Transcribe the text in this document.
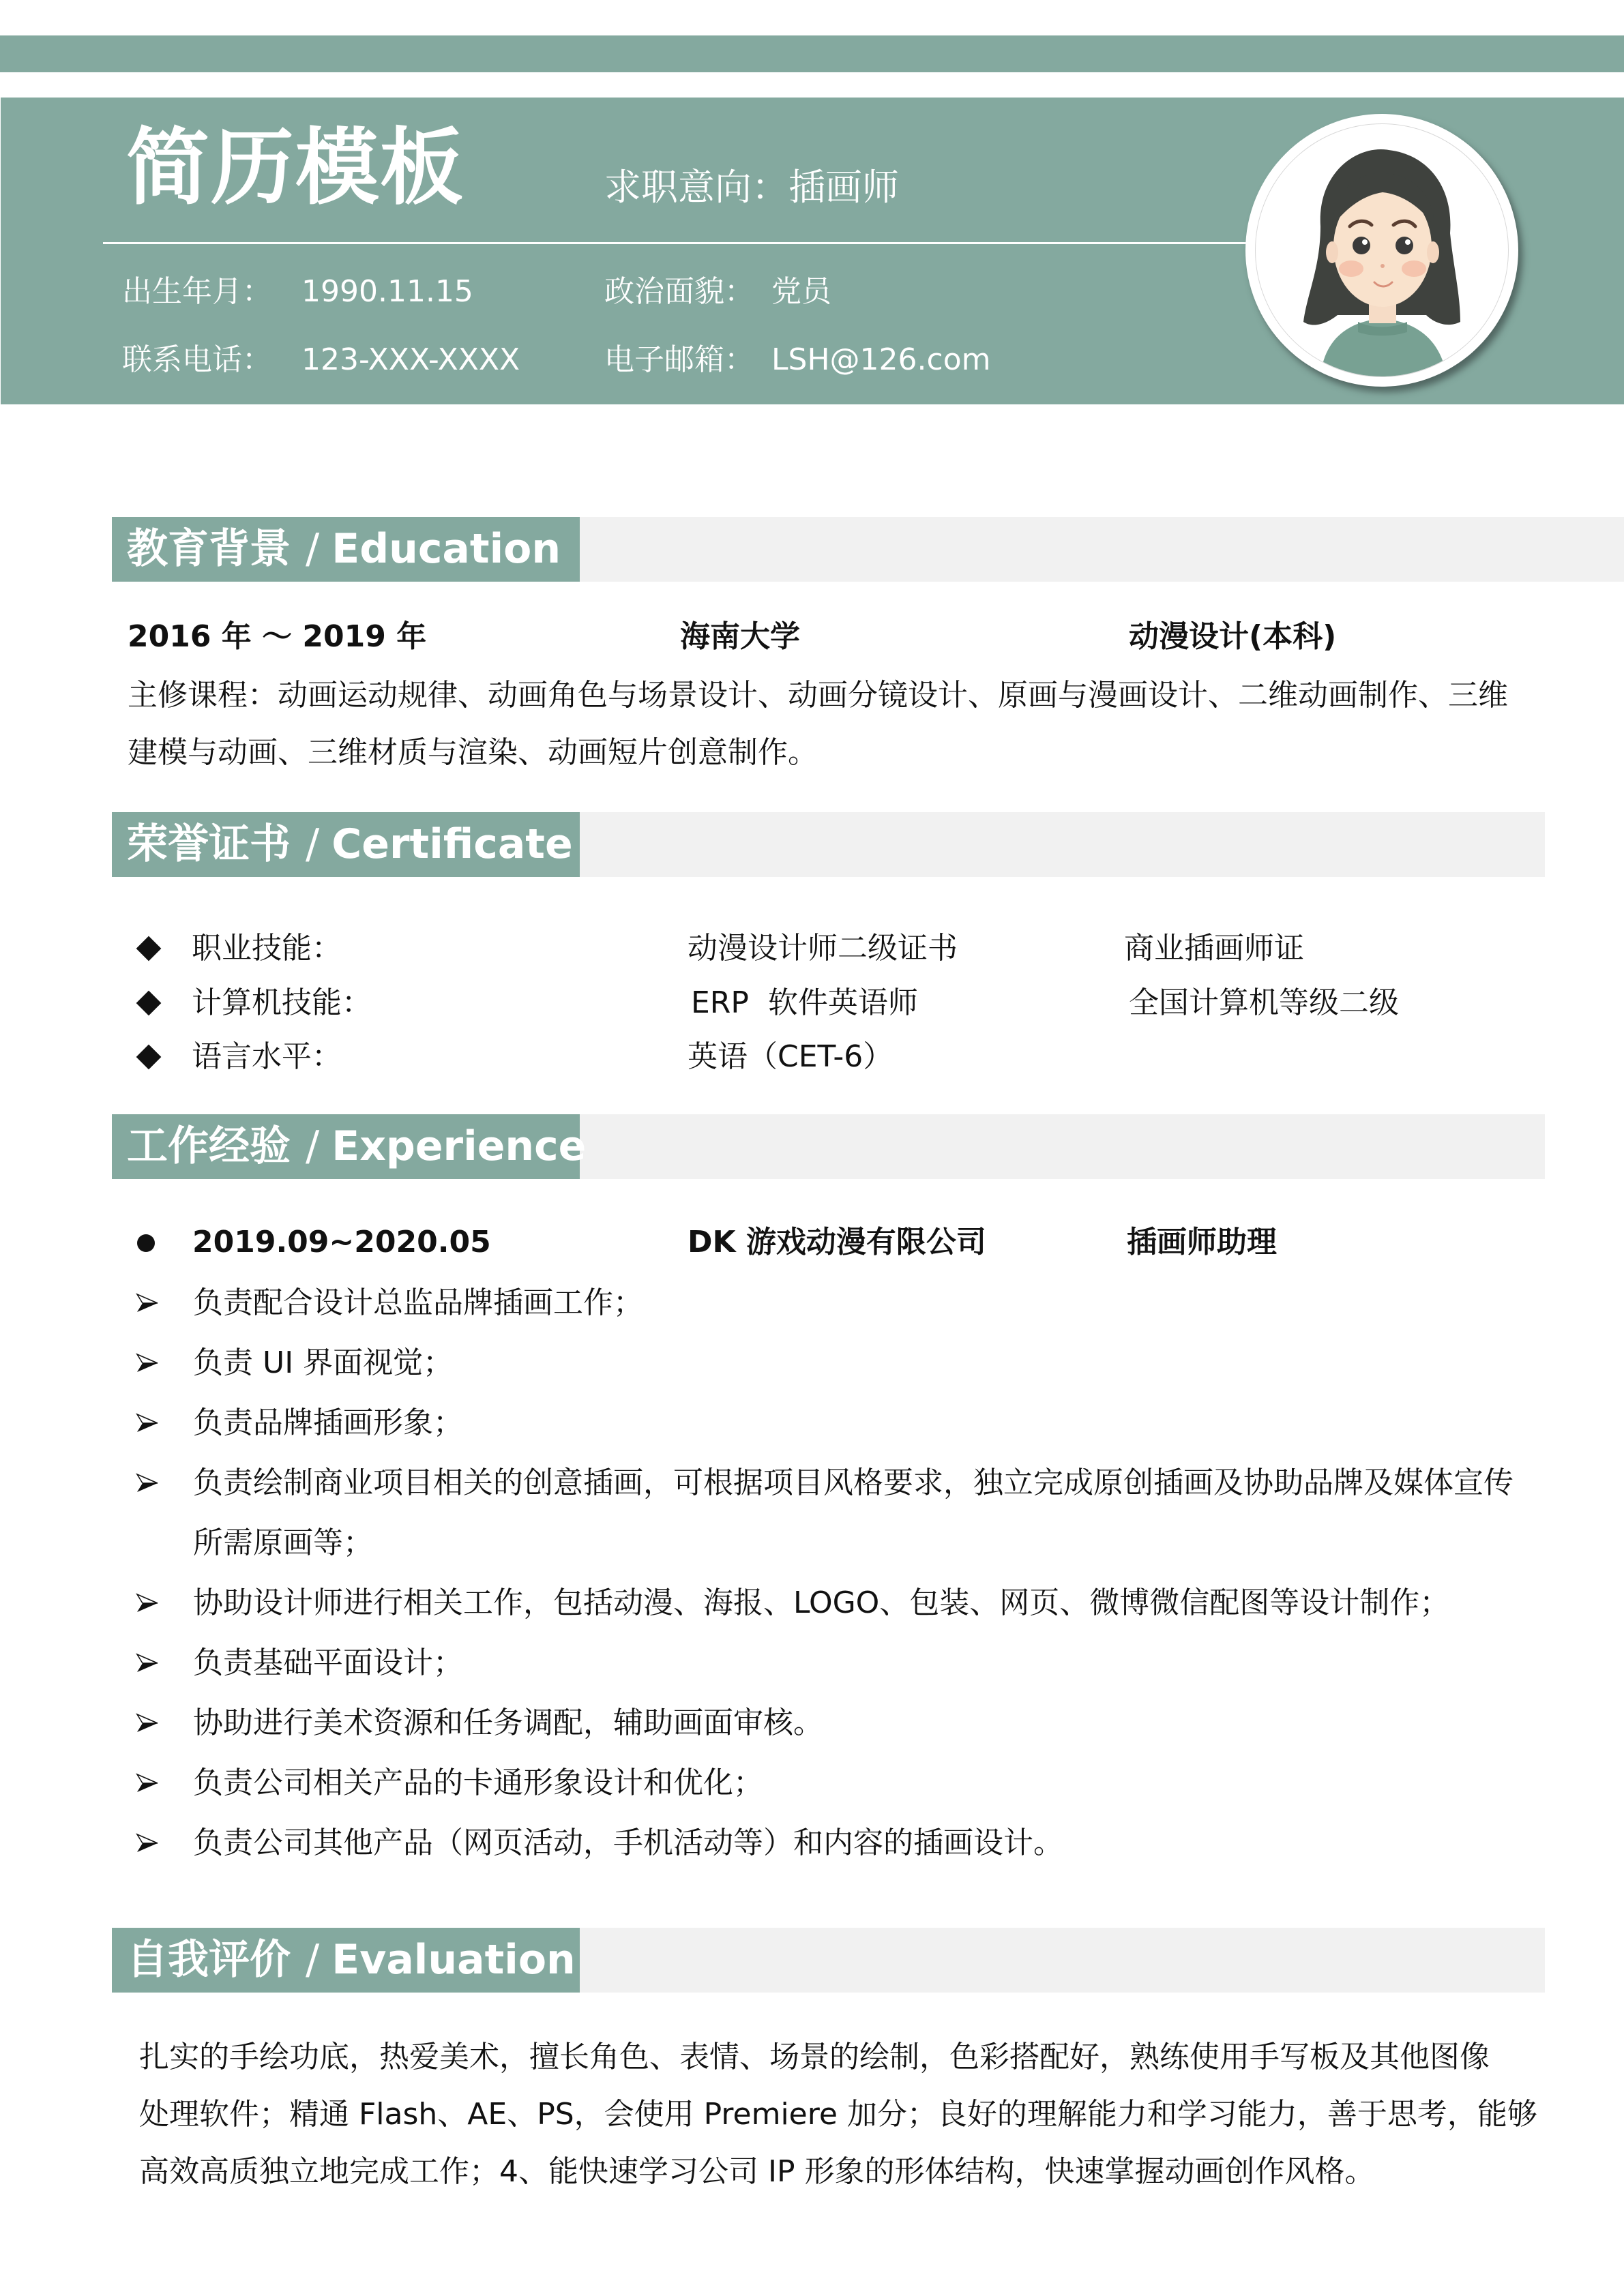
简历模板	求职意向：插画师
出生年月： 1990.11.15	政治面貌： 党员
联系电话： 123-XXX-XXXX	电子邮箱： LSH@126.com
教育背景 / Education
2016 年 ～ 2019 年	海南大学	动漫设计(本科)
主修课程：动画运动规律、动画角色与场景设计、动画分镜设计、原画与漫画设计、二维动画制作、三维
建模与动画、三维材质与渲染、动画短片创意制作。
荣誉证书 / Certificate
职业技能：	动漫设计师二级证书	商业插画师证
计算机技能：	ERP  软件英语师	全国计算机等级二级
语言水平：	英语（CET-6）
工作经验 / Experience
2019.09~2020.05	DK 游戏动漫有限公司	插画师助理
负责配合设计总监品牌插画工作；
负责 UI 界面视觉；
负责品牌插画形象；
负责绘制商业项目相关的创意插画，可根据项目风格要求，独立完成原创插画及协助品牌及媒体宣传
所需原画等；
协助设计师进行相关工作，包括动漫、海报、LOGO、包装、网页、微博微信配图等设计制作；
负责基础平面设计；
协助进行美术资源和任务调配，辅助画面审核。
负责公司相关产品的卡通形象设计和优化；
负责公司其他产品（网页活动，手机活动等）和内容的插画设计。
自我评价 / Evaluation
扎实的手绘功底，热爱美术，擅长角色、表情、场景的绘制，色彩搭配好，熟练使用手写板及其他图像
处理软件；精通 Flash、AE、PS，会使用 Premiere 加分；良好的理解能力和学习能力，善于思考，能够
高效高质独立地完成工作；4、能快速学习公司 IP 形象的形体结构，快速掌握动画创作风格。
